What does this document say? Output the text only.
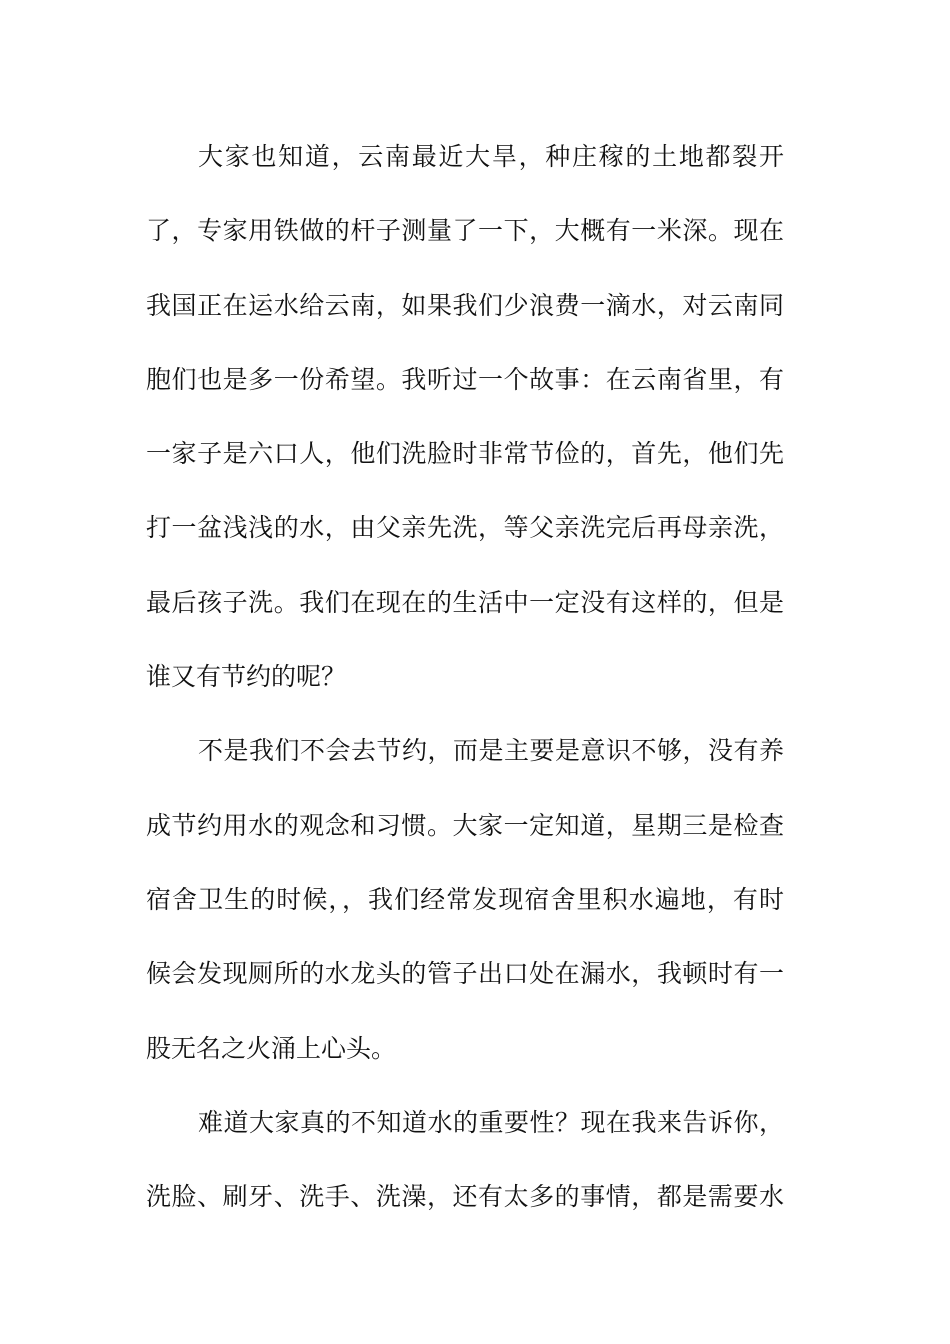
大家也知道，云南最近大旱，种庄稼的土地都裂开
了，专家用铁做的杆子测量了一下，大概有一米深。现在
我国正在运水给云南，如果我们少浪费一滴水，对云南同
胞们也是多一份希望。我听过一个故事：在云南省里，有
一家子是六口人，他们洗脸时非常节俭的，首先，他们先
打一盆浅浅的水，由父亲先洗，等父亲洗完后再母亲洗，
最后孩子洗。我们在现在的生活中一定没有这样的，但是
谁又有节约的呢？
不是我们不会去节约，而是主要是意识不够，没有养
成节约用水的观念和习惯。大家一定知道，星期三是检查
宿舍卫生的时候，，我们经常发现宿舍里积水遍地，有时
候会发现厕所的水龙头的管子出口处在漏水，我顿时有一
股无名之火涌上心头。
难道大家真的不知道水的重要性？现在我来告诉你，
洗脸、刷牙、洗手、洗澡，还有太多的事情，都是需要水
